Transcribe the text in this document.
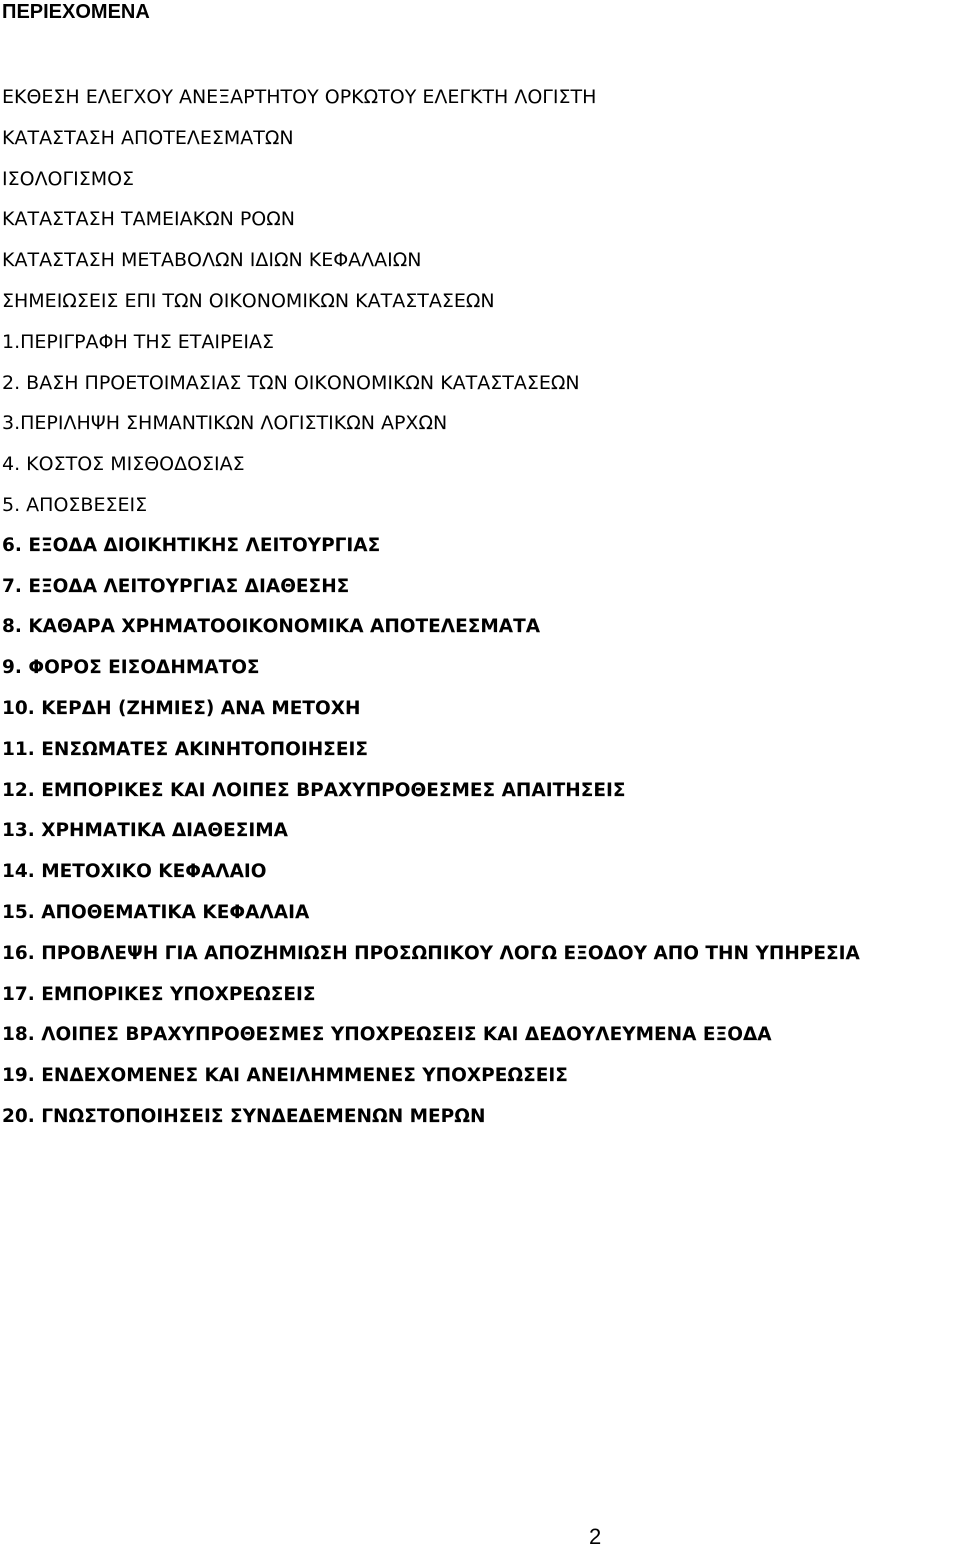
ΠΕΡΙΕΧΟΜΕΝΑ
ΕΚΘΕΣΗ ΕΛΕΓΧΟΥ ΑΝΕΞΑΡΤΗΤΟΥ ΟΡΚΩΤΟΥ ΕΛΕΓΚΤΗ ΛΟΓΙΣΤΗ
ΚΑΤΑΣΤΑΣΗ ΑΠΟΤΕΛΕΣΜΑΤΩΝ
ΙΣΟΛΟΓΙΣΜΟΣ
ΚΑΤΑΣΤΑΣΗ ΤΑΜΕΙΑΚΩΝ ΡΟΩΝ
ΚΑΤΑΣΤΑΣΗ ΜΕΤΑΒΟΛΩΝ ΙΔΙΩΝ ΚΕΦΑΛΑΙΩΝ
ΣΗΜΕΙΩΣΕΙΣ ΕΠΙ ΤΩΝ ΟΙΚΟΝΟΜΙΚΩΝ ΚΑΤΑΣΤΑΣΕΩΝ
1.ΠΕΡΙΓΡΑΦΗ ΤΗΣ ΕΤΑΙΡΕΙΑΣ
2. ΒΑΣΗ ΠΡΟΕΤΟΙΜΑΣΙΑΣ ΤΩΝ ΟΙΚΟΝΟΜΙΚΩΝ ΚΑΤΑΣΤΑΣΕΩΝ
3.ΠΕΡΙΛΗΨΗ ΣΗΜΑΝΤΙΚΩΝ ΛΟΓΙΣΤΙΚΩΝ ΑΡΧΩΝ
4. ΚΟΣΤΟΣ ΜΙΣΘΟΔΟΣΙΑΣ
5. ΑΠΟΣΒΕΣΕΙΣ
6. ΕΞΟΔΑ ΔΙΟΙΚΗΤΙΚΗΣ ΛΕΙΤΟΥΡΓΙΑΣ
7. ΕΞΟΔΑ ΛΕΙΤΟΥΡΓΙΑΣ ΔΙΑΘΕΣΗΣ
8. ΚΑΘΑΡΑ ΧΡΗΜΑΤΟΟΙΚΟΝΟΜΙΚΑ ΑΠΟΤΕΛΕΣΜΑΤΑ
9. ΦΟΡΟΣ ΕΙΣΟΔΗΜΑΤΟΣ
10. ΚΕΡΔΗ (ΖΗΜΙΕΣ) ΑΝΑ ΜΕΤΟΧΗ
11. ΕΝΣΩΜΑΤΕΣ ΑΚΙΝΗΤΟΠΟΙΗΣΕΙΣ
12. ΕΜΠΟΡΙΚΕΣ ΚΑΙ ΛΟΙΠΕΣ ΒΡΑΧΥΠΡΟΘΕΣΜΕΣ ΑΠΑΙΤΗΣΕΙΣ
13. ΧΡΗΜΑΤΙΚΑ ΔΙΑΘΕΣΙΜΑ
14. ΜΕΤΟΧΙΚΟ ΚΕΦΑΛΑΙΟ
15. ΑΠΟΘΕΜΑΤΙΚΑ ΚΕΦΑΛΑΙΑ
16. ΠΡΟΒΛΕΨΗ ΓΙΑ ΑΠΟΖΗΜΙΩΣΗ ΠΡΟΣΩΠΙΚΟΥ ΛΟΓΩ ΕΞΟΔΟΥ ΑΠΟ ΤΗΝ ΥΠΗΡΕΣΙΑ
17. ΕΜΠΟΡΙΚΕΣ ΥΠΟΧΡΕΩΣΕΙΣ
18. ΛΟΙΠΕΣ ΒΡΑΧΥΠΡΟΘΕΣΜΕΣ ΥΠΟΧΡΕΩΣΕΙΣ ΚΑΙ ΔΕΔΟΥΛΕΥΜΕΝΑ ΕΞΟΔΑ
19. ΕΝΔΕΧΟΜΕΝΕΣ ΚΑΙ ΑΝΕΙΛΗΜΜΕΝΕΣ ΥΠΟΧΡΕΩΣΕΙΣ
20. ΓΝΩΣΤΟΠΟΙΗΣΕΙΣ ΣΥΝΔΕΔΕΜΕΝΩΝ ΜΕΡΩΝ
2
